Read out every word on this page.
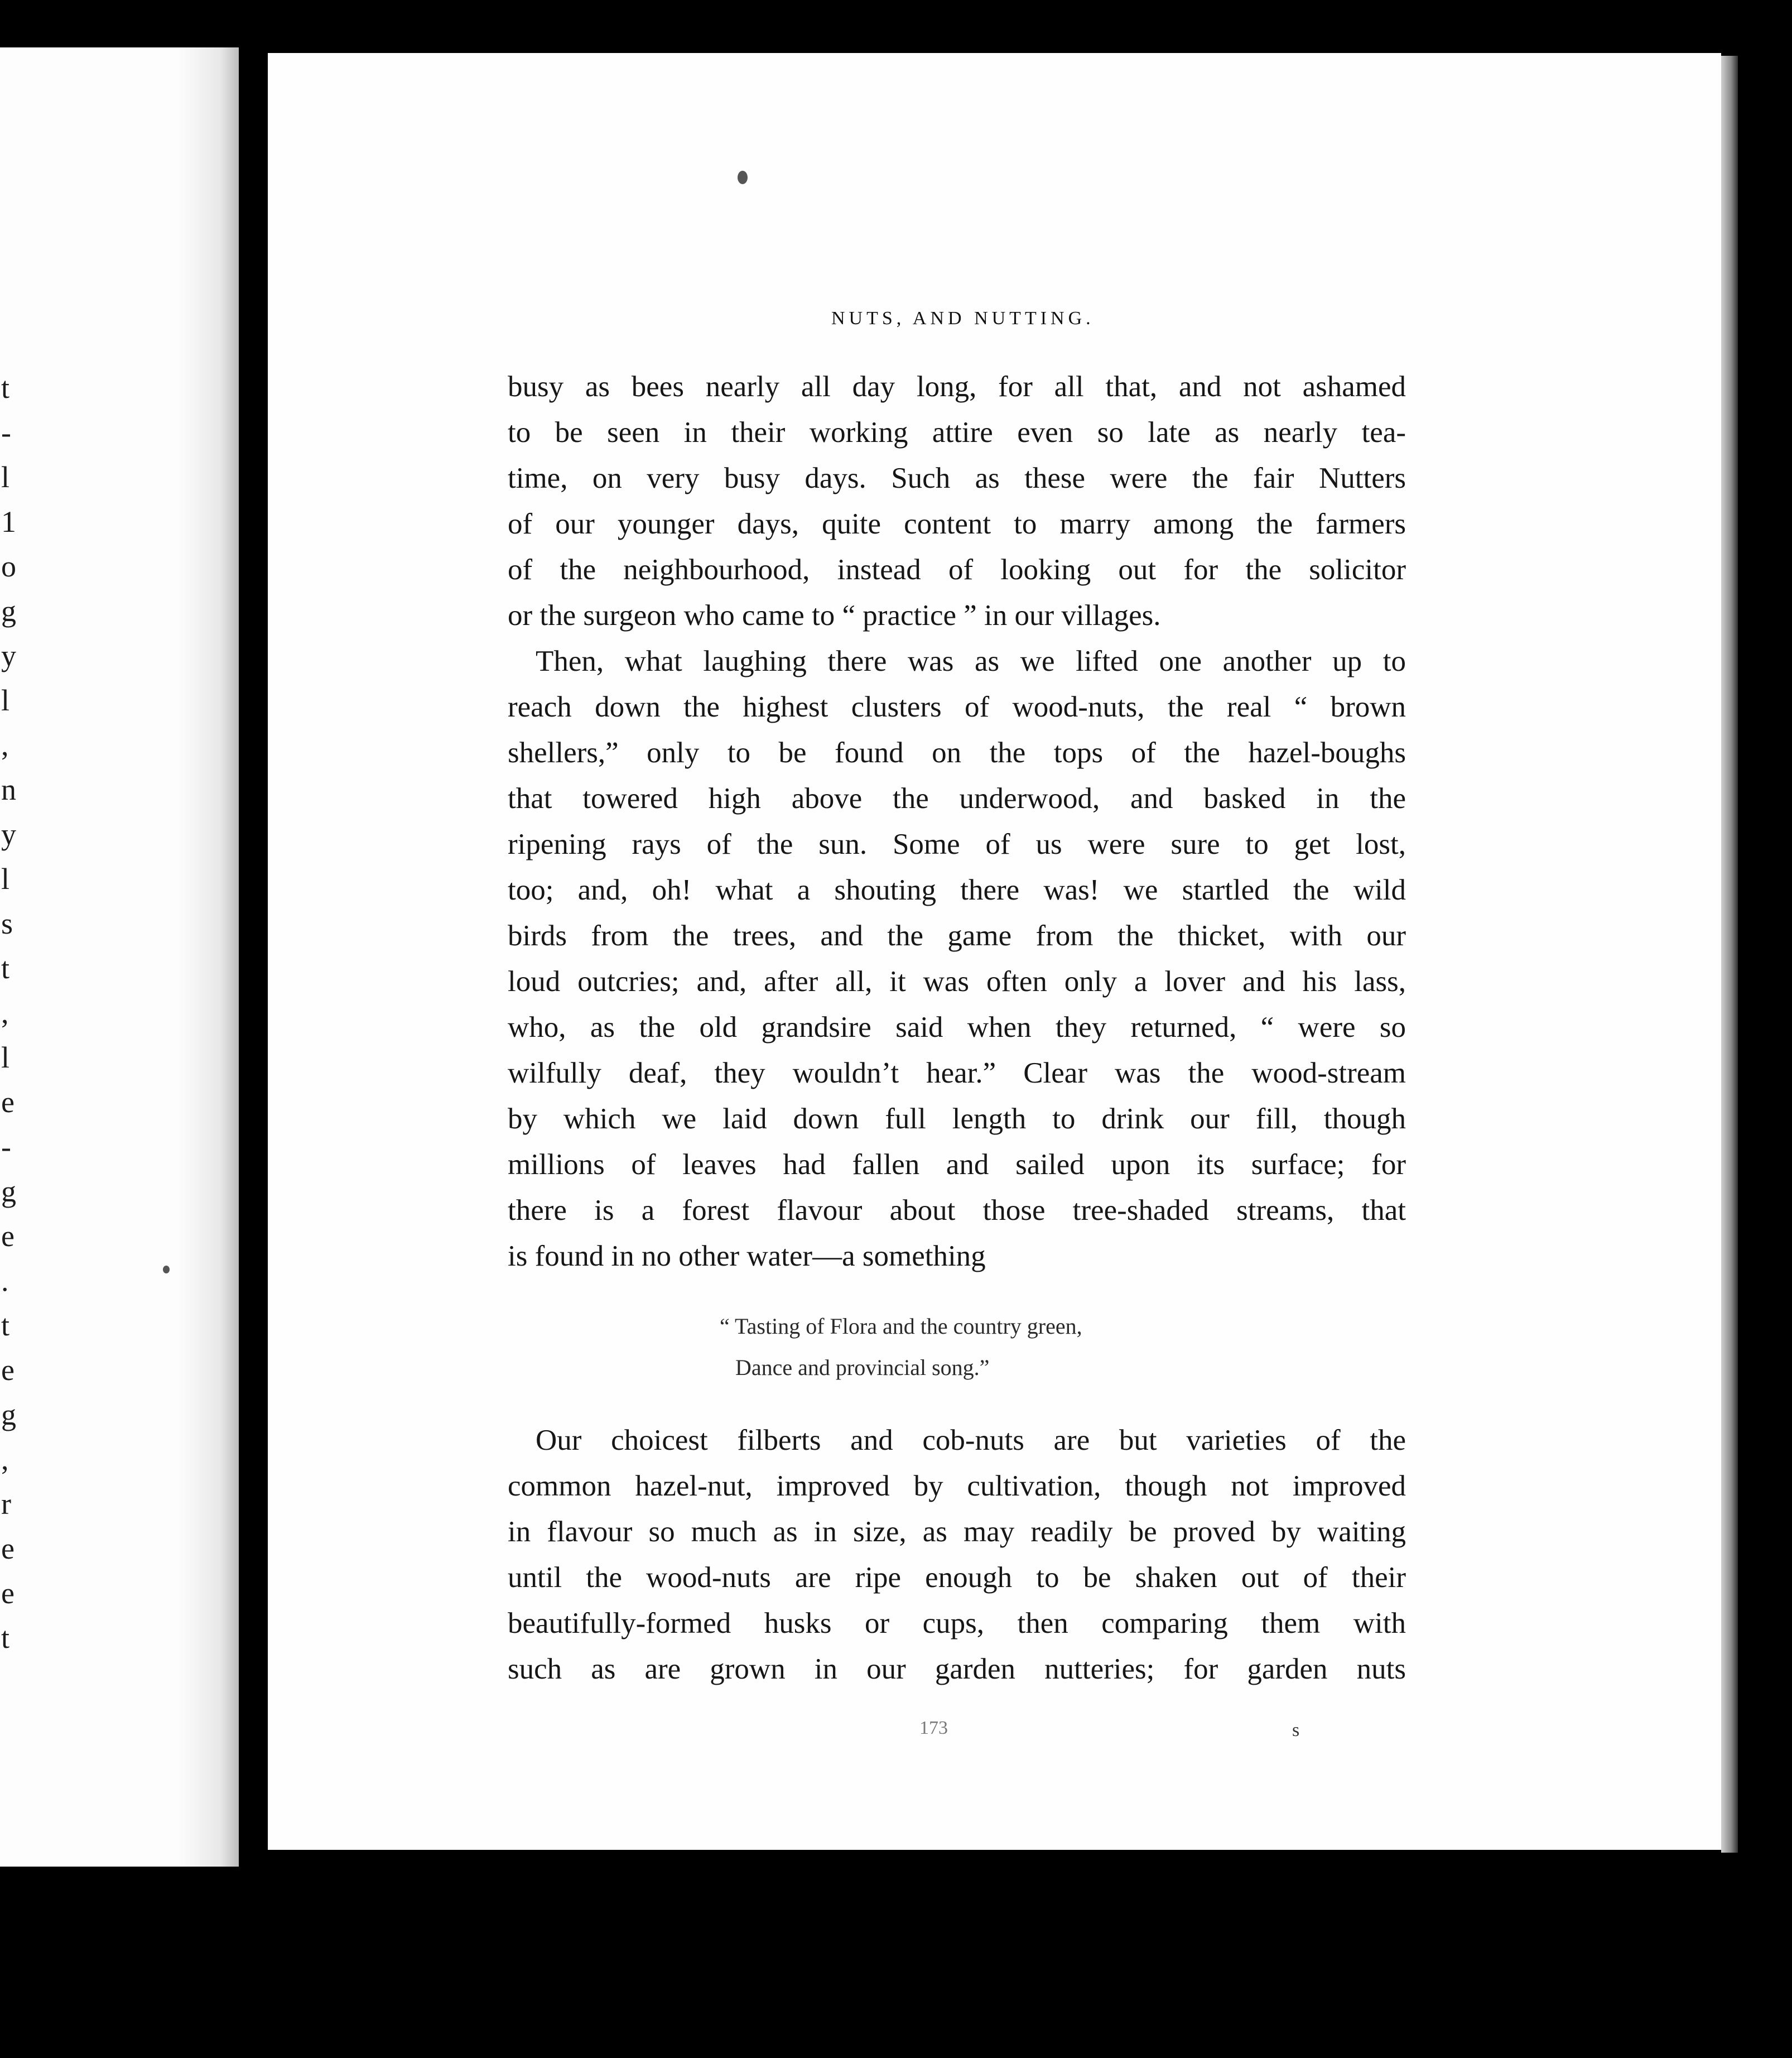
t

-

l

1

o

g

y

l

,

n

y

l

s

t

,

l

e

-

g

e

.

t

e

g

,

r

e

e

t

NUTS, AND NUTTING.

busy as bees nearly all day long, for all that, and not ashamed
to be seen in their working attire even so late as nearly tea-
time, on very busy days. Such as these were the fair Nutters
of our younger days, quite content to marry among the farmers
of the neighbourhood, instead of looking out for the solicitor
or the surgeon who came to “ practice ” in our villages.
Then, what laughing there was as we lifted one another up to
reach down the highest clusters of wood-nuts, the real “ brown
shellers,” only to be found on the tops of the hazel-boughs
that towered high above the underwood, and basked in the
ripening rays of the sun. Some of us were sure to get lost,
too; and, oh! what a shouting there was! we startled the wild
birds from the trees, and the game from the thicket, with our
loud outcries; and, after all, it was often only a lover and his lass,
who, as the old grandsire said when they returned, “ were so
wilfully deaf, they wouldn’t hear.” Clear was the wood-stream
by which we laid down full length to drink our fill, though
millions of leaves had fallen and sailed upon its surface; for
there is a forest flavour about those tree-shaded streams, that
is found in no other water—a something
“ Tasting of Flora and the country green,
Dance and provincial song.”
Our choicest filberts and cob-nuts are but varieties of the
common hazel-nut, improved by cultivation, though not improved
in flavour so much as in size, as may readily be proved by waiting
until the wood-nuts are ripe enough to be shaken out of their
beautifully-formed husks or cups, then comparing them with
such as are grown in our garden nutteries; for garden nuts

173	s
